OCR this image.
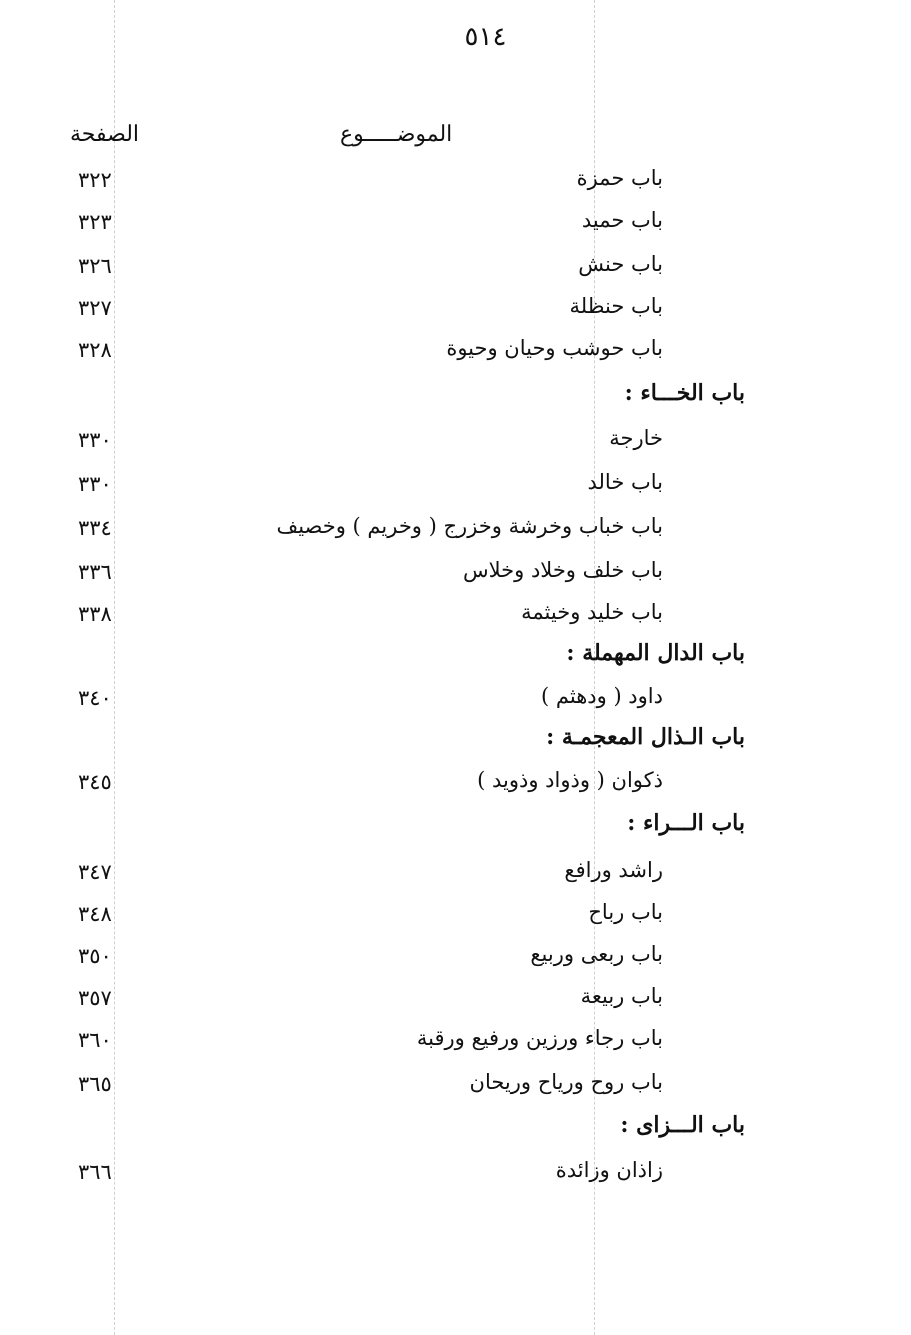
٥١٤
الموضـــــوع
الصفحة
باب حمزة
٣٢٢
باب حميد
٣٢٣
باب حنش
٣٢٦
باب حنظلة
٣٢٧
باب حوشب وحيان وحيوة
٣٢٨
باب الخـــاء :
خارجة
٣٣٠
باب خالد
٣٣٠
باب خباب وخرشة وخزرج ( وخريم ) وخصيف
٣٣٤
باب خلف وخلاد وخلاس
٣٣٦
باب خليد وخيثمة
٣٣٨
باب الدال المهملة :
داود ( ودهثم )
٣٤٠
باب الـذال المعجمـة :
ذكوان ( وذواد وذويد )
٣٤٥
باب الـــراء :
راشد ورافع
٣٤٧
باب رباح
٣٤٨
باب ربعى وربيع
٣٥٠
باب ربيعة
٣٥٧
باب رجاء ورزين ورفيع ورقبة
٣٦٠
باب روح ورياح وريحان
٣٦٥
باب الـــزاى :
زاذان وزائدة
٣٦٦
